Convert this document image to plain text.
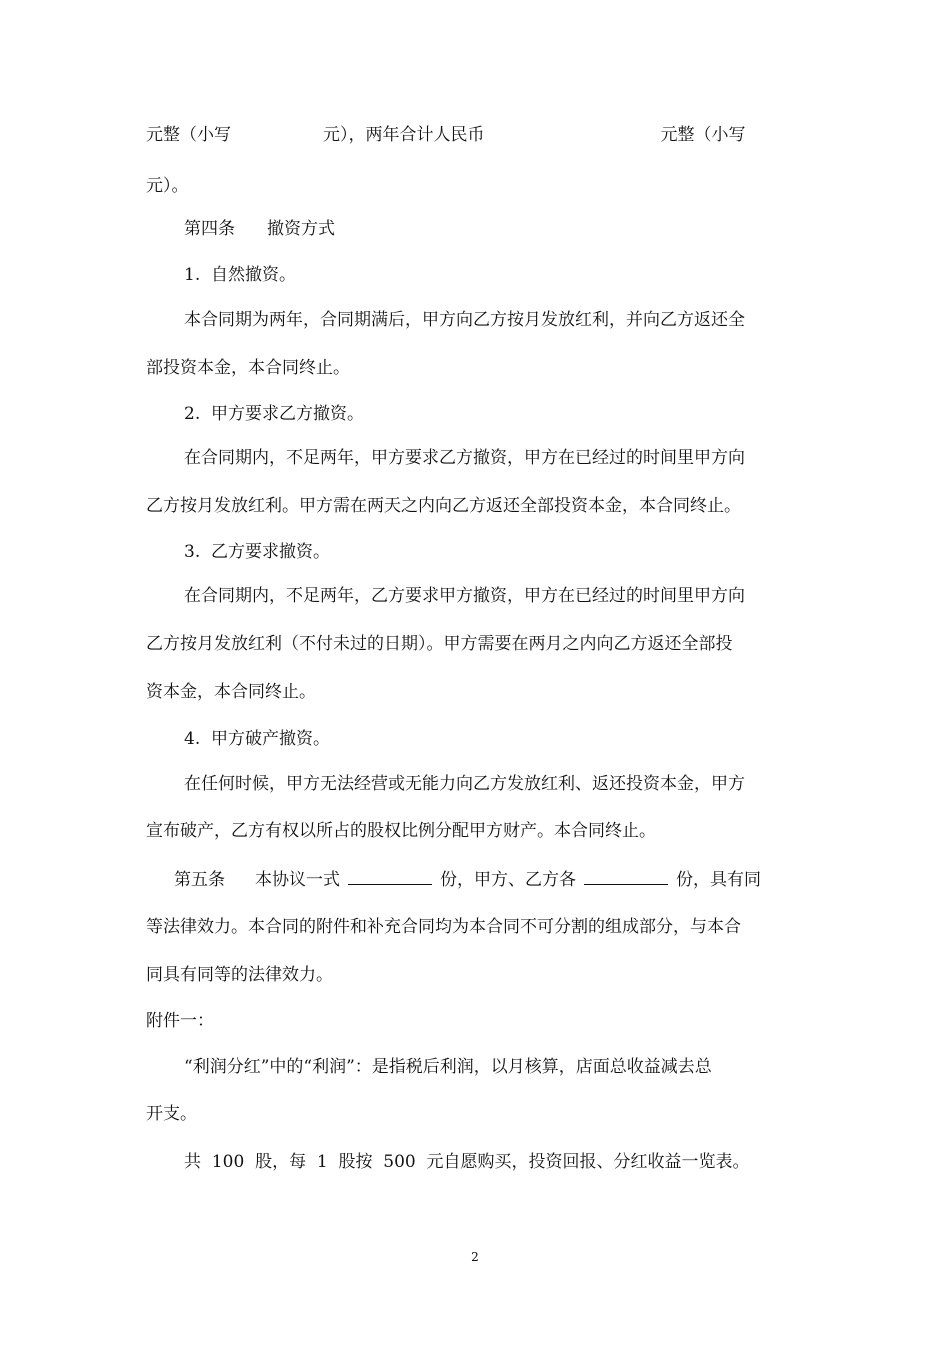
元整（小写	元），两年合计人民币	元整（小写
元）。
第四条 撤资方式
1.  自然撤资。
本合同期为两年，合同期满后，甲方向乙方按月发放红利，并向乙方返还全
部投资本金，本合同终止。
2.  甲方要求乙方撤资。
在合同期内，不足两年，甲方要求乙方撤资，甲方在已经过的时间里甲方向
乙方按月发放红利。甲方需在两天之内向乙方返还全部投资本金，本合同终止。
3.  乙方要求撤资。
在合同期内，不足两年，乙方要求甲方撤资，甲方在已经过的时间里甲方向
乙方按月发放红利（不付未过的日期）。甲方需要在两月之内向乙方返还全部投
资本金，本合同终止。
4.  甲方破产撤资。
在任何时候，甲方无法经营或无能力向乙方发放红利、返还投资本金，甲方
宣布破产，乙方有权以所占的股权比例分配甲方财产。本合同终止。
第五条 本协议一式	份，甲方、乙方各	份，具有同
等法律效力。本合同的附件和补充合同均为本合同不可分割的组成部分，与本合
同具有同等的法律效力。
附件一：
“利润分红”中的“利润”：是指税后利润，以月核算，店面总收益减去总
开支。
共  100  股，每  1  股按  500  元自愿购买，投资回报、分红收益一览表。
2
